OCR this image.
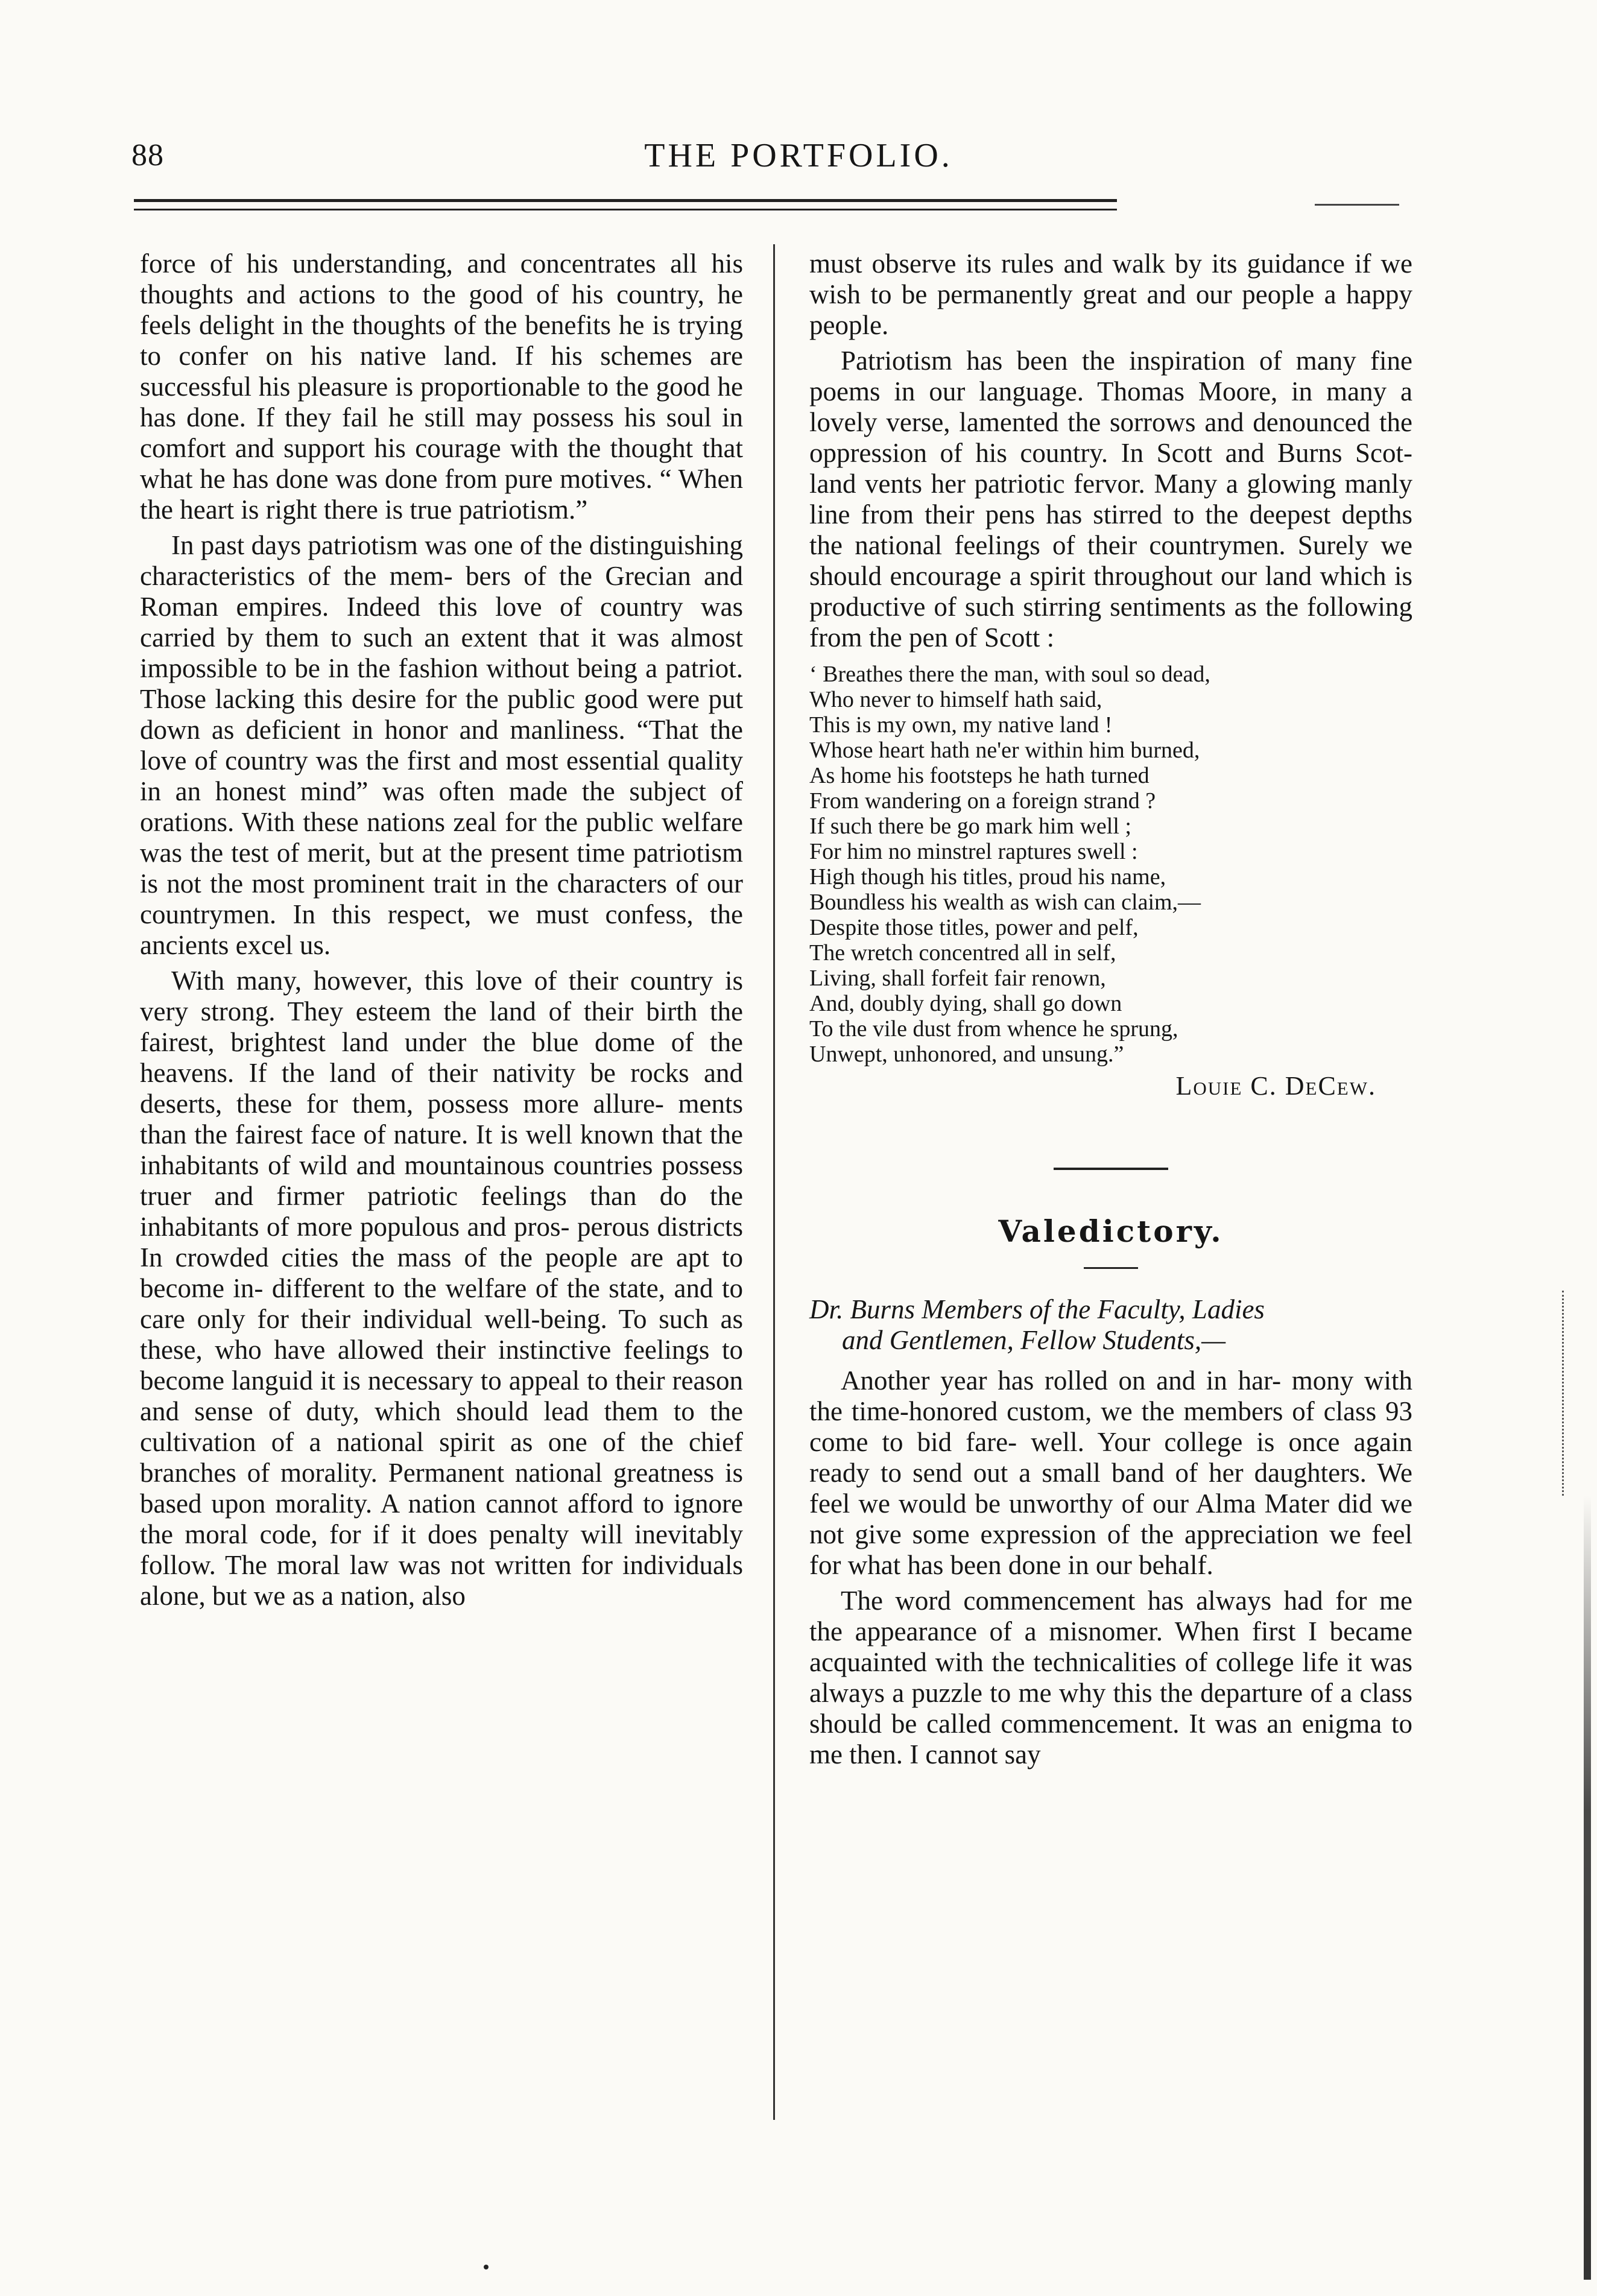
88	THE PORTFOLIO.

force of his understanding, and concentrates all his thoughts and actions to the good of his country, he feels delight in the thoughts of the benefits he is trying to confer on his native land. If his schemes are successful his pleasure is proportionable to the good he has done. If they fail he still may possess his soul in comfort and support his courage with the thought that what he has done was done from pure motives. “ When the heart is right there is true patriotism.”

In past days patriotism was one of the distinguishing characteristics of the mem- bers of the Grecian and Roman empires. Indeed this love of country was carried by them to such an extent that it was almost impossible to be in the fashion without being a patriot. Those lacking this desire for the public good were put down as deficient in honor and manliness. “That the love of country was the first and most essential quality in an honest mind” was often made the subject of orations. With these nations zeal for the public welfare was the test of merit, but at the present time patriotism is not the most prominent trait in the characters of our countrymen. In this respect, we must confess, the ancients excel us.

With many, however, this love of their country is very strong. They esteem the land of their birth the fairest, brightest land under the blue dome of the heavens. If the land of their nativity be rocks and deserts, these for them, possess more allure- ments than the fairest face of nature. It is well known that the inhabitants of wild and mountainous countries possess truer and firmer patriotic feelings than do the inhabitants of more populous and pros- perous districts In crowded cities the mass of the people are apt to become in- different to the welfare of the state, and to care only for their individual well-being. To such as these, who have allowed their instinctive feelings to become languid it is necessary to appeal to their reason and sense of duty, which should lead them to the cultivation of a national spirit as one of the chief branches of morality. Permanent national greatness is based upon morality. A nation cannot afford to ignore the moral code, for if it does penalty will inevitably follow. The moral law was not written for individuals alone, but we as a nation, also

must observe its rules and walk by its guidance if we wish to be permanently great and our people a happy people.

Patriotism has been the inspiration of many fine poems in our language. Thomas Moore, in many a lovely verse, lamented the sorrows and denounced the oppression of his country. In Scott and Burns Scot- land vents her patriotic fervor. Many a glowing manly line from their pens has stirred to the deepest depths the national feelings of their countrymen. Surely we should encourage a spirit throughout our land which is productive of such stirring sentiments as the following from the pen of Scott :

‘ Breathes there the man, with soul so dead,
Who never to himself hath said,
This is my own, my native land !
Whose heart hath ne'er within him burned,
As home his footsteps he hath turned
From wandering on a foreign strand ?
If such there be go mark him well ;
For him no minstrel raptures swell :
High though his titles, proud his name,
Boundless his wealth as wish can claim,—
Despite those titles, power and pelf,
The wretch concentred all in self,
Living, shall forfeit fair renown,
And, doubly dying, shall go down
To the vile dust from whence he sprung,
Unwept, unhonored, and unsung.”
Louie C. DeCew.
Valedictory.
Dr. Burns Members of the Faculty, Ladies
and Gentlemen, Fellow Students,—

Another year has rolled on and in har- mony with the time-honored custom, we the members of class 93 come to bid fare- well. Your college is once again ready to send out a small band of her daughters. We feel we would be unworthy of our Alma Mater did we not give some expression of the appreciation we feel for what has been done in our behalf.

The word commencement has always had for me the appearance of a misnomer. When first I became acquainted with the technicalities of college life it was always a puzzle to me why this the departure of a class should be called commencement. It was an enigma to me then. I cannot say
